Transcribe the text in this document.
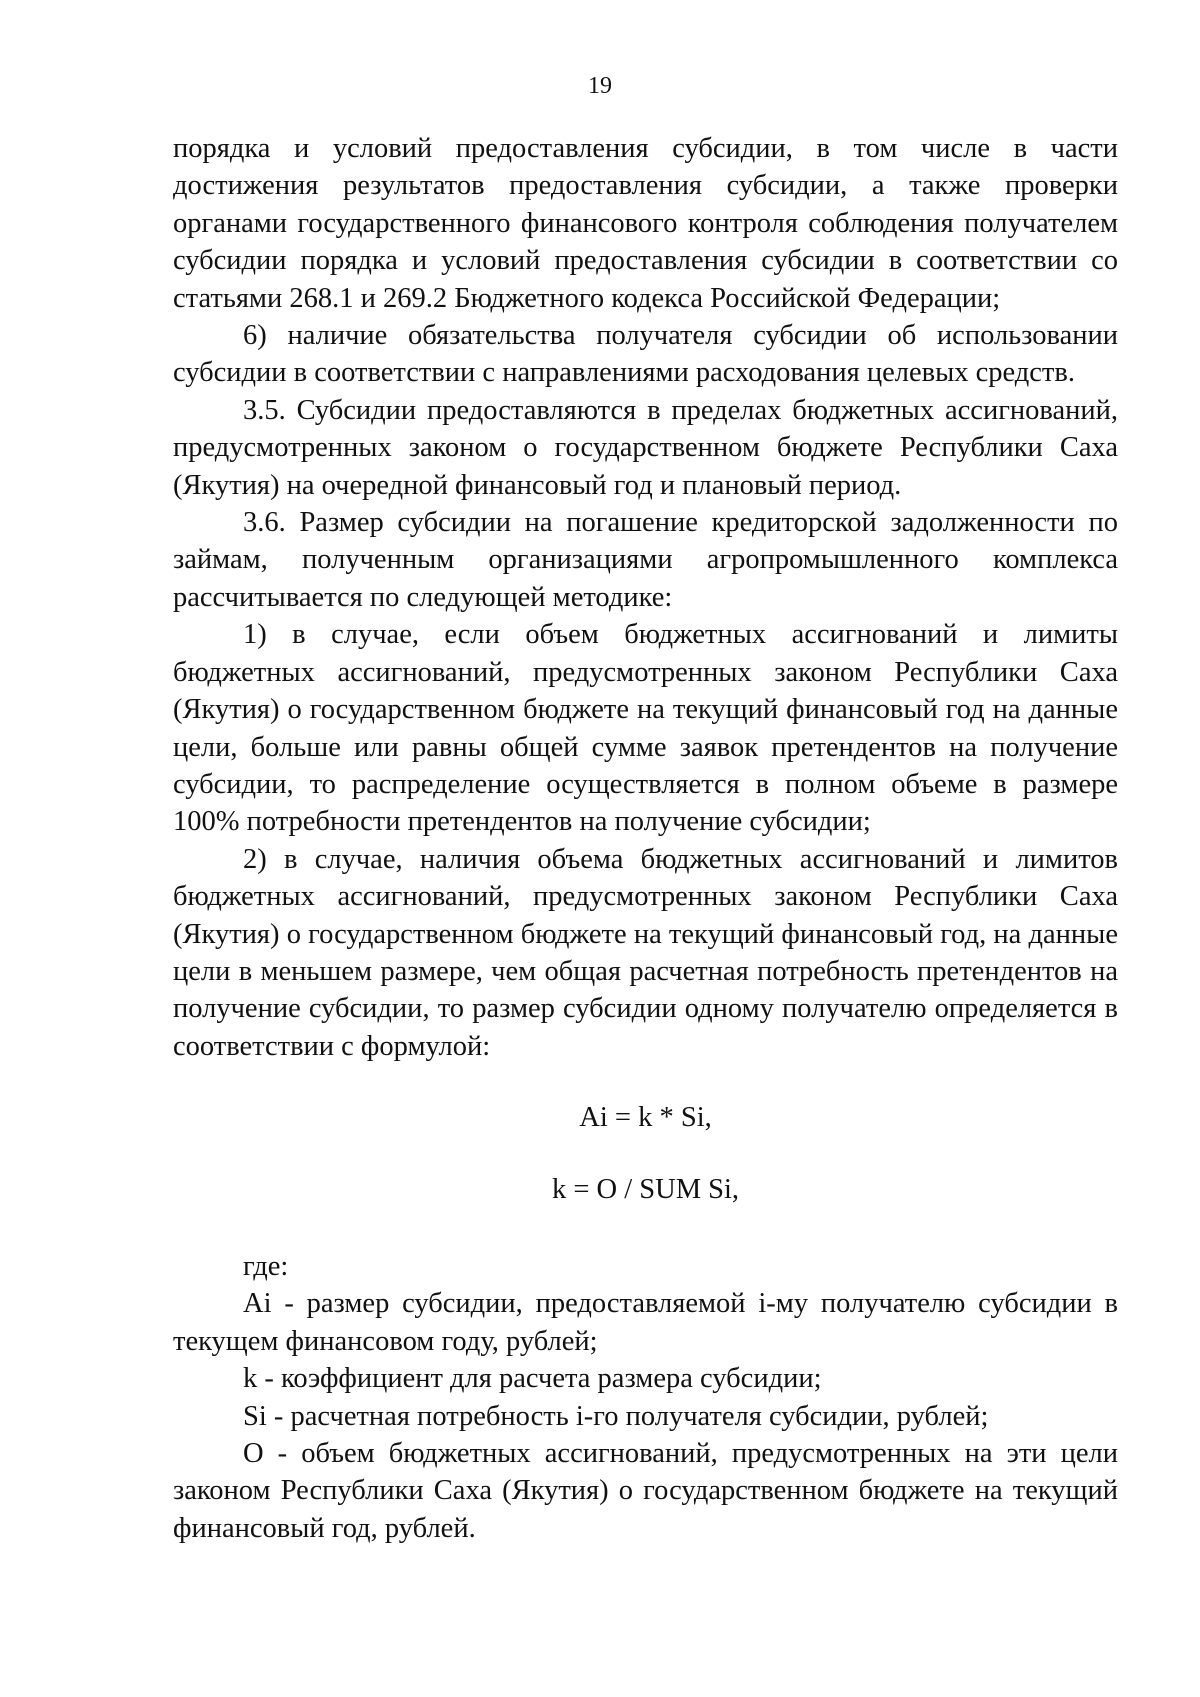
19

порядка и условий предоставления субсидии, в том числе в части достижения результатов предоставления субсидии, а также проверки органами государственного финансового контроля соблюдения получателем субсидии порядка и условий предоставления субсидии в соответствии со статьями 268.1 и 269.2 Бюджетного кодекса Российской Федерации;

6) наличие обязательства получателя субсидии об использовании субсидии в соответствии с направлениями расходования целевых средств.

3.5. Субсидии предоставляются в пределах бюджетных ассигнований, предусмотренных законом о государственном бюджете Республики Саха (Якутия) на очередной финансовый год и плановый период.

3.6. Размер субсидии на погашение кредиторской задолженности по займам, полученным организациями агропромышленного комплекса рассчитывается по следующей методике:

1) в случае, если объем бюджетных ассигнований и лимиты бюджетных ассигнований, предусмотренных законом Республики Саха (Якутия) о государственном бюджете на текущий финансовый год на данные цели, больше или равны общей сумме заявок претендентов на получение субсидии, то распределение осуществляется в полном объеме в размере 100% потребности претендентов на получение субсидии;

2) в случае, наличия объема бюджетных ассигнований и лимитов бюджетных ассигнований, предусмотренных законом Республики Саха (Якутия) о государственном бюджете на текущий финансовый год, на данные цели в меньшем размере, чем общая расчетная потребность претендентов на получение субсидии, то размер субсидии одному получателю определяется в соответствии с формулой:

Ai = k * Si,

k = O / SUM Si,

где:

Ai - размер субсидии, предоставляемой i-му получателю субсидии в текущем финансовом году, рублей;

k - коэффициент для расчета размера субсидии;

Si - расчетная потребность i-го получателя субсидии, рублей;

О - объем бюджетных ассигнований, предусмотренных на эти цели законом Республики Саха (Якутия) о государственном бюджете на текущий финансовый год, рублей.
